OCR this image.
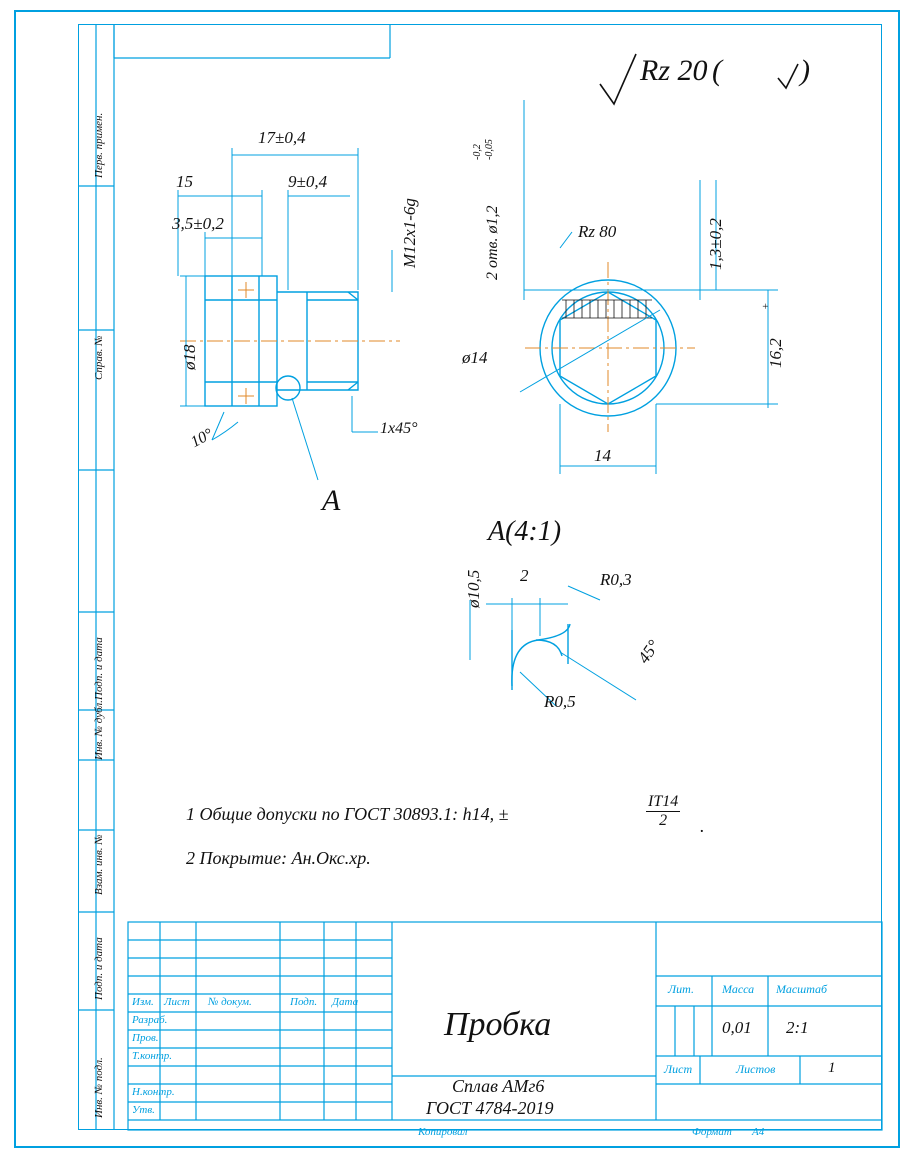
Rz 20 (	)
Перв. примен.
Справ. №
Подп. и дата
Инв. № дубл.
Взам. инв. №
Подп. и дата
Инв. № подл.
17±0,4
15	9±0,4
3,5±0,2
ø18
M12x1-6g
1x45°
10°
A
2 отв. ø1,2
-0,2 -0,05
Rz 80
ø14
14
16,2
+
1,3±0,2
A(4:1)
ø10,5 2	R0,3
R0,5
45°
1 Общие допуски по ГОСТ 30893.1: h14, ±
IT14
2	.
2 Покрытие: Ан.Окс.хр.
Изм. Лист № докум.	Подп. Дата
Разраб.
Пров.
Т.контр.
Н.контр.
Утв.
Пробка
Сплав АМг6
ГОСТ 4784-2019
Лит. Масса Масштаб
0,01 2:1
Лист	Листов	1
Копировал	Формат А4
